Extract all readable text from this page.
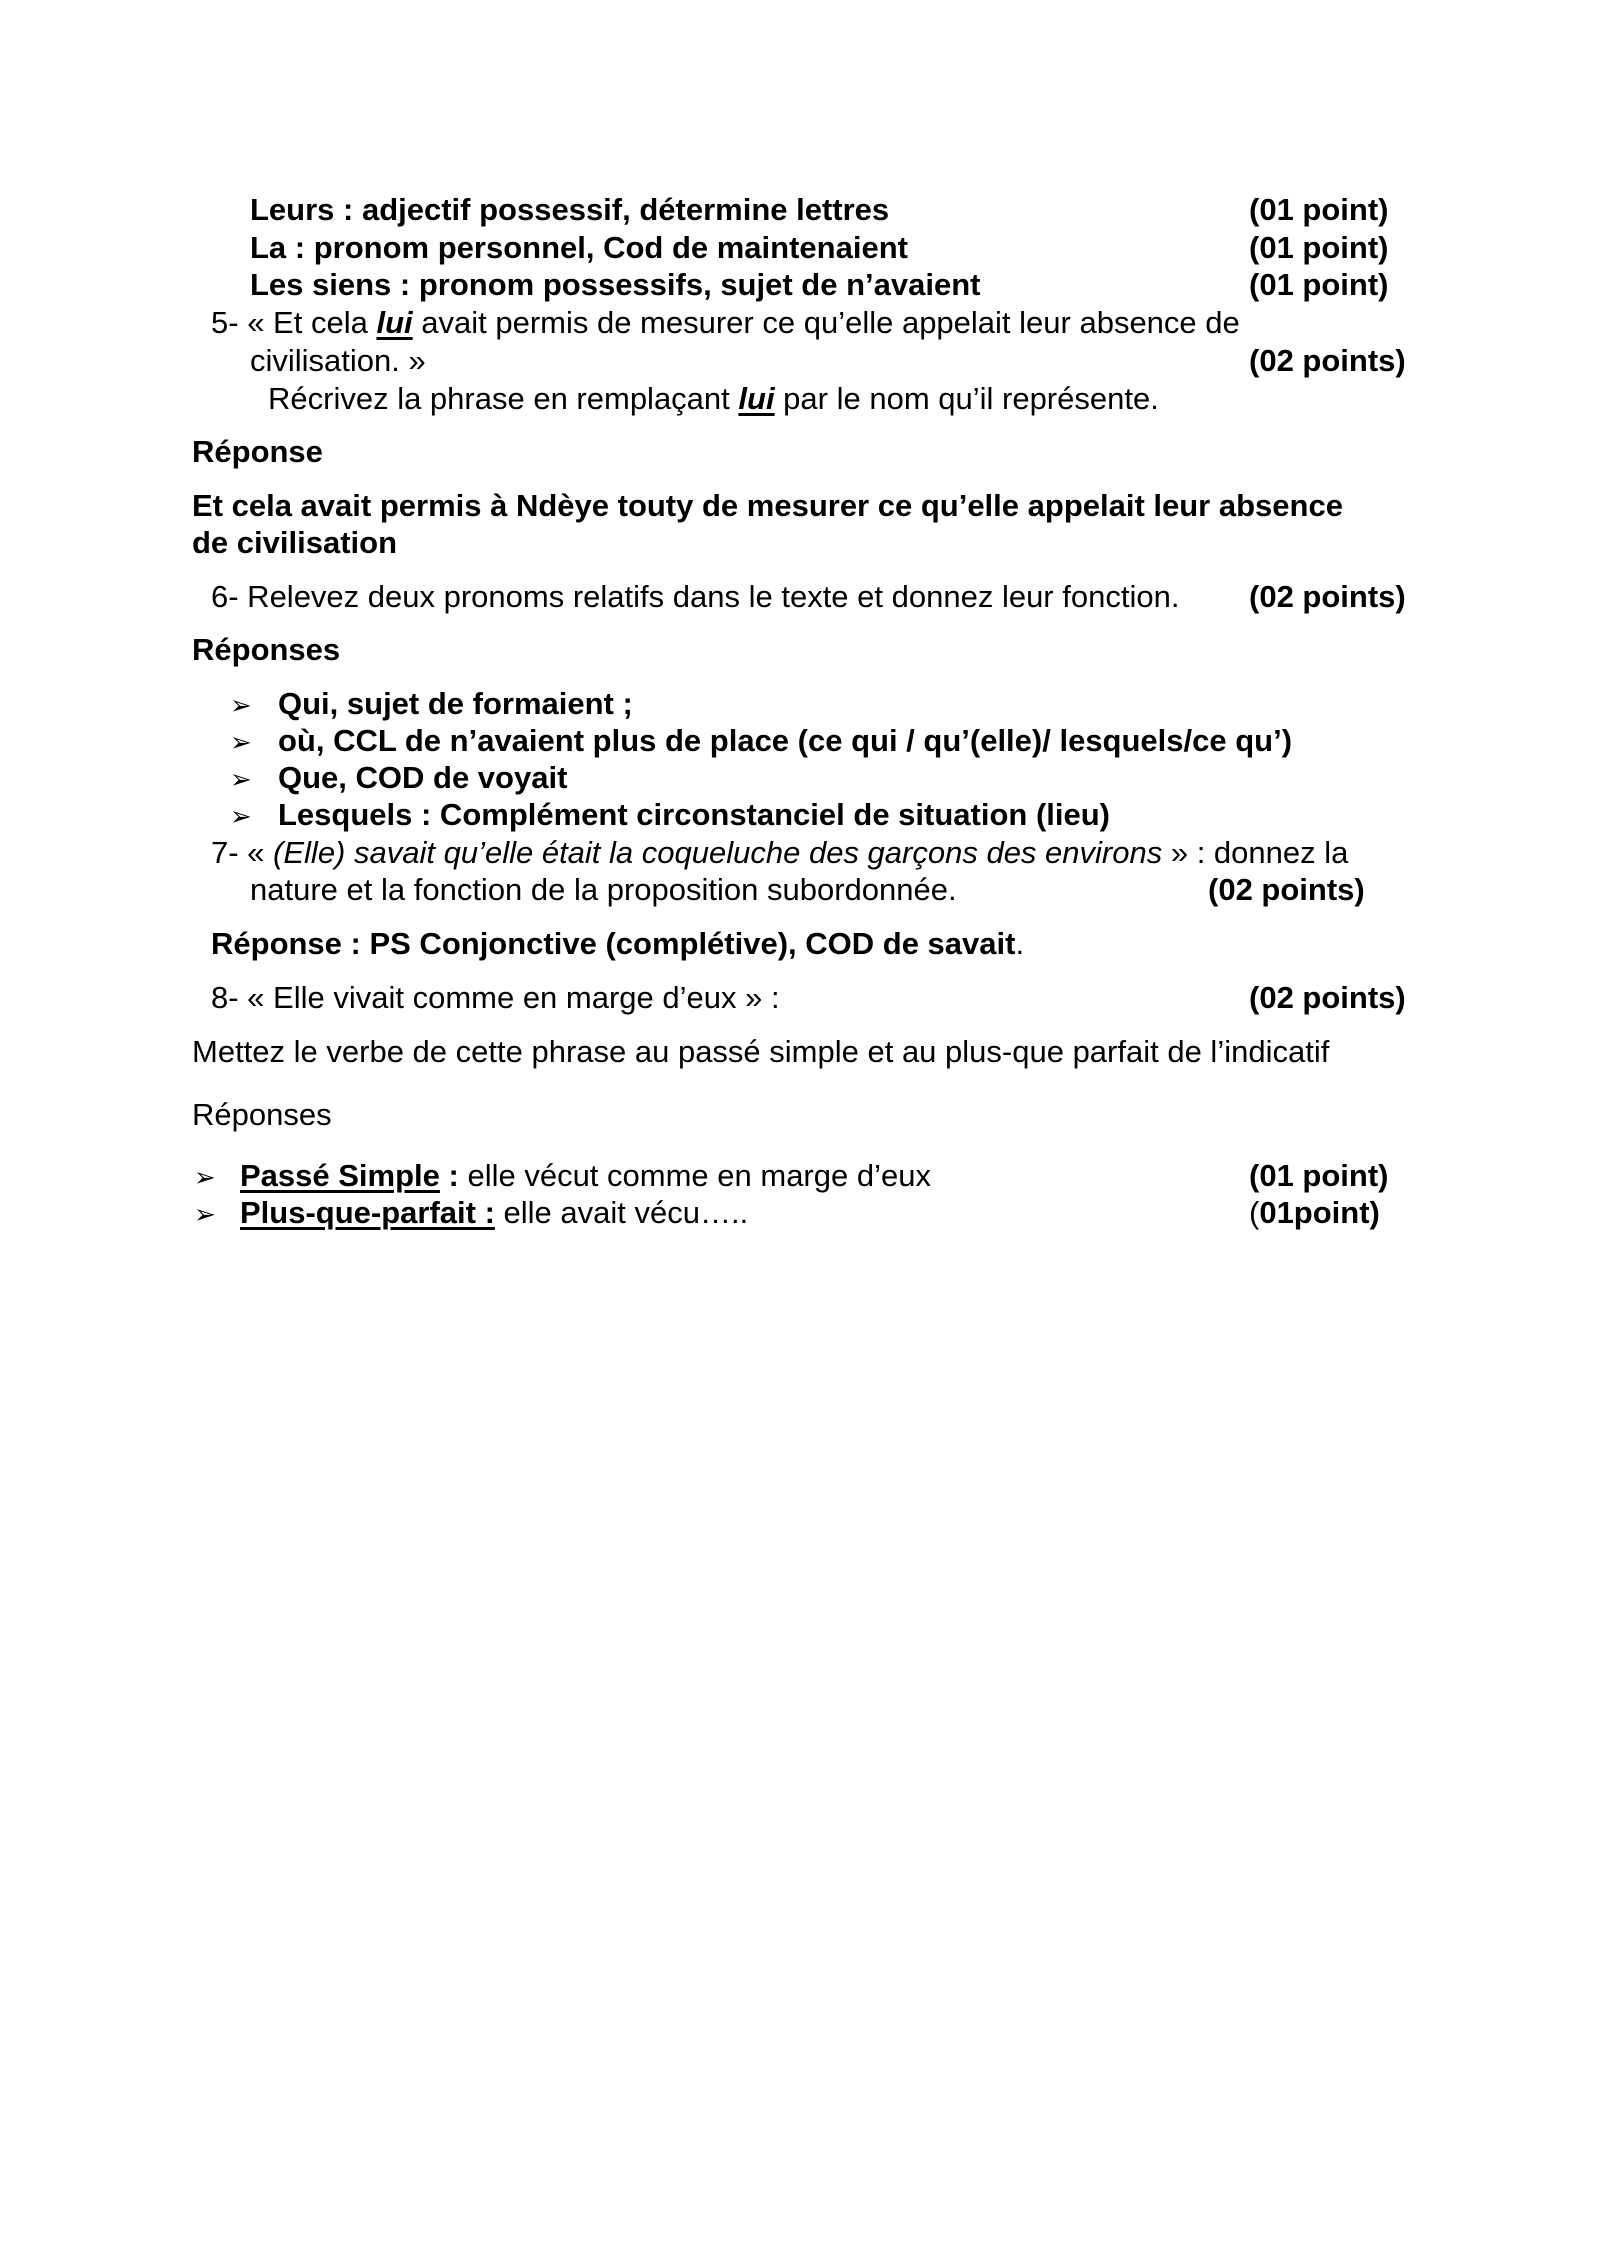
Leurs : adjectif possessif, détermine lettres	(01 point)
La : pronom personnel, Cod de maintenaient	(01 point)
Les siens : pronom possessifs, sujet de n’avaient	(01 point)
5- « Et cela lui avait permis de mesurer ce qu’elle appelait leur absence de
civilisation. »	(02 points)
Récrivez la phrase en remplaçant lui par le nom qu’il représente.
Réponse
Et cela avait permis à Ndèye touty de mesurer ce qu’elle appelait leur absence
de civilisation
6- Relevez deux pronoms relatifs dans le texte et donnez leur fonction. (02 points)
Réponses
➢ Qui, sujet de formaient ;
➢ où, CCL de n’avaient plus de place (ce qui / qu’(elle)/ lesquels/ce qu’)
➢ Que, COD de voyait
➢ Lesquels : Complément circonstanciel de situation (lieu)
7- « (Elle) savait qu’elle était la coqueluche des garçons des environs » : donnez la
nature et la fonction de la proposition subordonnée.	(02 points)
Réponse : PS Conjonctive (complétive), COD de savait.
8- « Elle vivait comme en marge d’eux » :	(02 points)
Mettez le verbe de cette phrase au passé simple et au plus-que parfait de l’indicatif
Réponses
➢ Passé Simple : elle vécut comme en marge d’eux	(01 point)
➢ Plus-que-parfait : elle avait vécu…..	(01point)
